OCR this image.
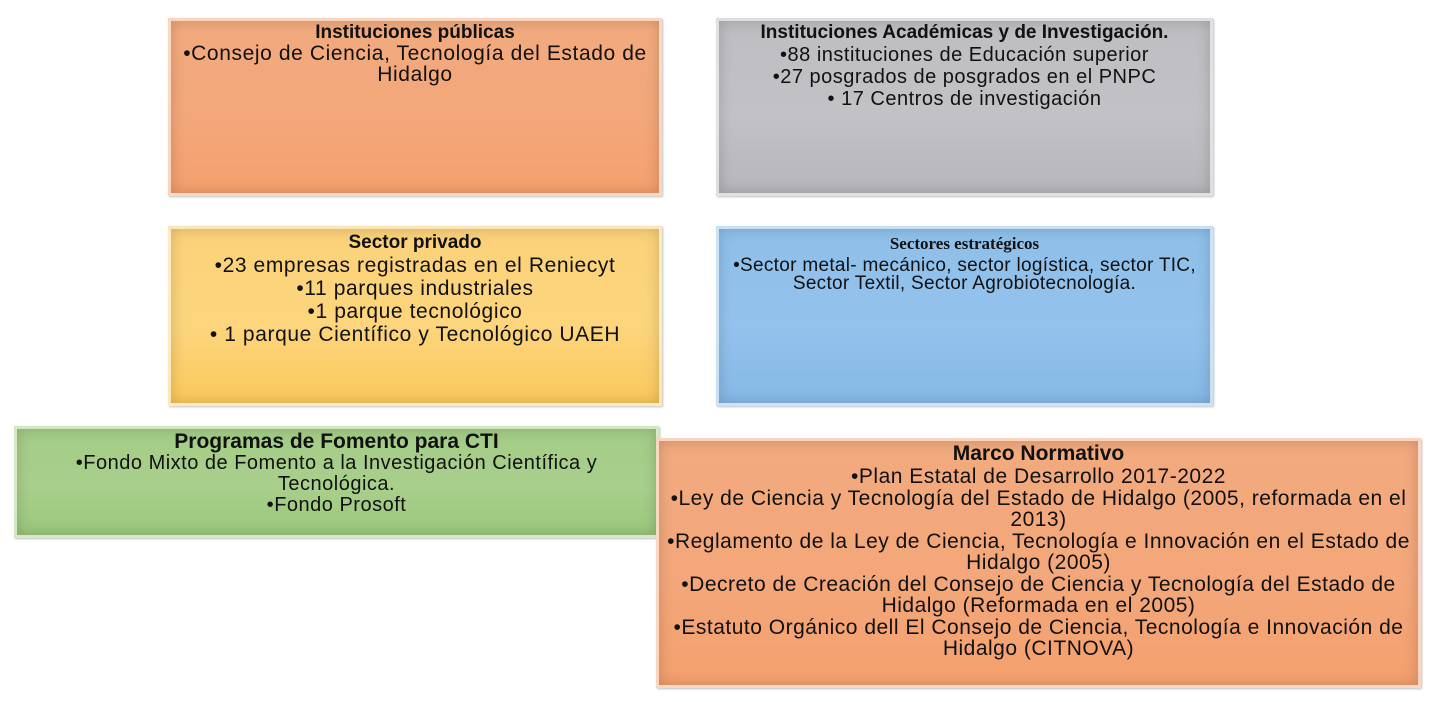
Instituciones públicas
• Consejo de Ciencia, Tecnología del Estado de Hidalgo
Instituciones Académicas y de Investigación.
• 88 instituciones de Educación superior
• 27 posgrados de posgrados en el PNPC
• 17 Centros de investigación
Sector privado
• 23 empresas registradas en el Reniecyt
• 11 parques industriales
• 1 parque tecnológico
• 1 parque Científico y Tecnológico UAEH
Sectores estratégicos
• Sector metal- mecánico, sector logística, sector TIC, Sector Textil, Sector Agrobiotecnología.
Programas de Fomento para CTI
• Fondo Mixto de Fomento a la Investigación Científica y Tecnológica.
• Fondo Prosoft
Marco Normativo
• Plan Estatal de Desarrollo 2017-2022
• Ley de Ciencia y Tecnología del Estado de Hidalgo (2005, reformada en el 2013)
• Reglamento de la Ley de Ciencia, Tecnología e Innovación en el Estado de Hidalgo (2005)
• Decreto de Creación del Consejo de Ciencia y Tecnología del Estado de Hidalgo (Reformada en el 2005)
• Estatuto Orgánico dell El Consejo de Ciencia, Tecnología e Innovación de Hidalgo (CITNOVA)
